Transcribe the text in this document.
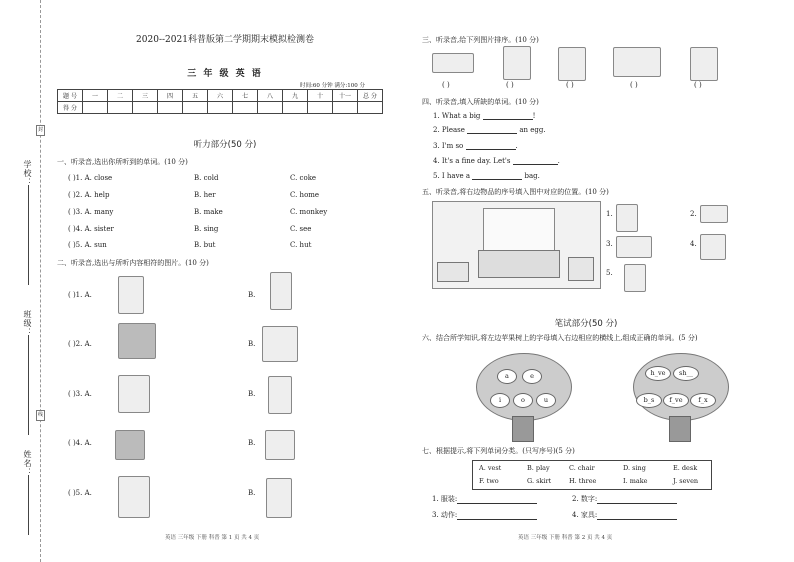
学校：
班级：
姓名：
封
线
2020--2021科普版第二学期期末模拟检测卷
三 年 级 英 语
时间:60 分钟 满分:100 分
题 号	一	二	三	四	五	六	七	八	九	十	十一	总 分
得 分												
听力部分(50 分)
一、听录音,选出你所听到的单词。(10 分)
( )1. A. close	B. cold	C. coke
( )2. A. help	B. her	C. home
( )3. A. many	B. make	C. monkey
( )4. A. sister	B. sing	C. see
( )5. A. sun	B. but	C. hut
二、听录音,选出与所听内容相符的图片。(10 分)
( )1. A.	B.
( )2. A.	B.
( )3. A.	B.
( )4. A.	B.
( )5. A.	B.
英语 三年级 下册 科普 第 1 页 共 4 页
三、听录音,给下列图片排序。(10 分)
( )	( )	( )	( )	( )
四、听录音,填入所缺的单词。(10 分)
1. What a big	!
2. Please	an egg.
3. I'm so	.
4. It's a fine day. Let's	.
5. I have a	bag.
五、听录音,将右边物品的序号填入图中对应的位置。(10 分)
1.	2.
3.	4.
5.
笔试部分(50 分)
六、结合所学知识,将左边苹果树上的字母填入右边相应的横线上,组成正确的单词。(5 分)
a	e
i	o	u
h_ve	sh__
b_s	f_ve	f_x
七、根据提示,将下列单词分类。(只写序号)(5 分)
A. vest	B. play	C. chair	D. sing	E. desk
F. two	G. skirt	H. three	I. make	J. seven
1. 服装:	2. 数字:
3. 动作:	4. 家具:
英语 三年级 下册 科普 第 2 页 共 4 页
